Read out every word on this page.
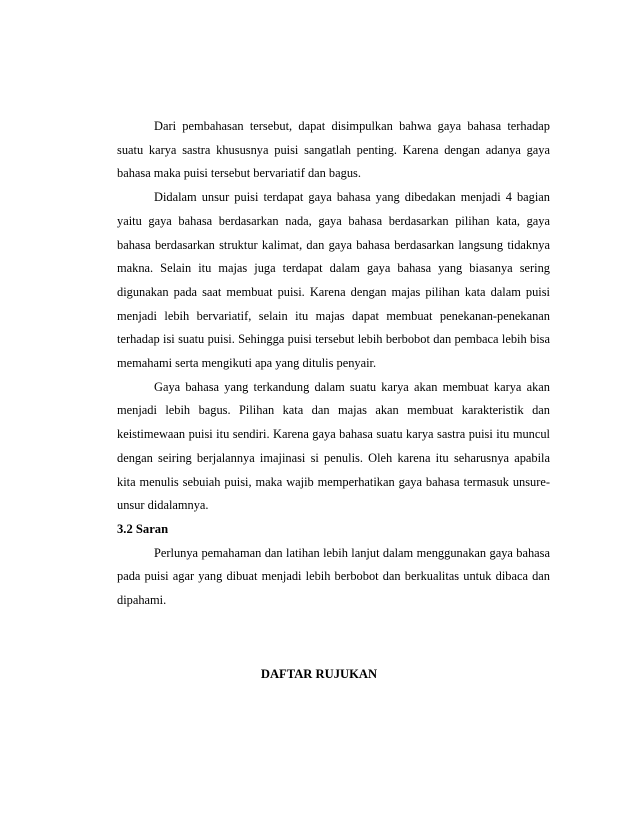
Dari pembahasan tersebut, dapat disimpulkan bahwa gaya bahasa terhadap suatu karya sastra khususnya puisi sangatlah penting. Karena dengan adanya gaya bahasa maka puisi tersebut bervariatif dan bagus.

Didalam unsur puisi terdapat gaya bahasa yang dibedakan menjadi 4 bagian yaitu gaya bahasa berdasarkan nada, gaya bahasa berdasarkan pilihan kata, gaya bahasa berdasarkan struktur kalimat, dan gaya bahasa berdasarkan langsung tidaknya makna. Selain itu majas juga terdapat dalam gaya bahasa yang biasanya sering digunakan pada saat membuat puisi. Karena dengan majas pilihan kata dalam puisi menjadi lebih bervariatif, selain itu majas dapat membuat penekanan-penekanan terhadap isi suatu puisi. Sehingga puisi tersebut lebih berbobot dan pembaca lebih bisa memahami serta mengikuti apa yang ditulis penyair.

Gaya bahasa yang terkandung dalam suatu karya akan membuat karya akan menjadi lebih bagus. Pilihan kata dan majas akan membuat karakteristik dan keistimewaan puisi itu sendiri. Karena gaya bahasa suatu karya sastra puisi itu muncul dengan seiring berjalannya imajinasi si penulis. Oleh karena itu seharusnya apabila kita menulis sebuiah puisi, maka wajib memperhatikan gaya bahasa termasuk unsure-unsur didalamnya.

3.2 Saran

Perlunya pemahaman dan latihan lebih lanjut dalam menggunakan gaya bahasa pada puisi agar yang dibuat menjadi lebih berbobot dan berkualitas untuk dibaca dan dipahami.

DAFTAR RUJUKAN
